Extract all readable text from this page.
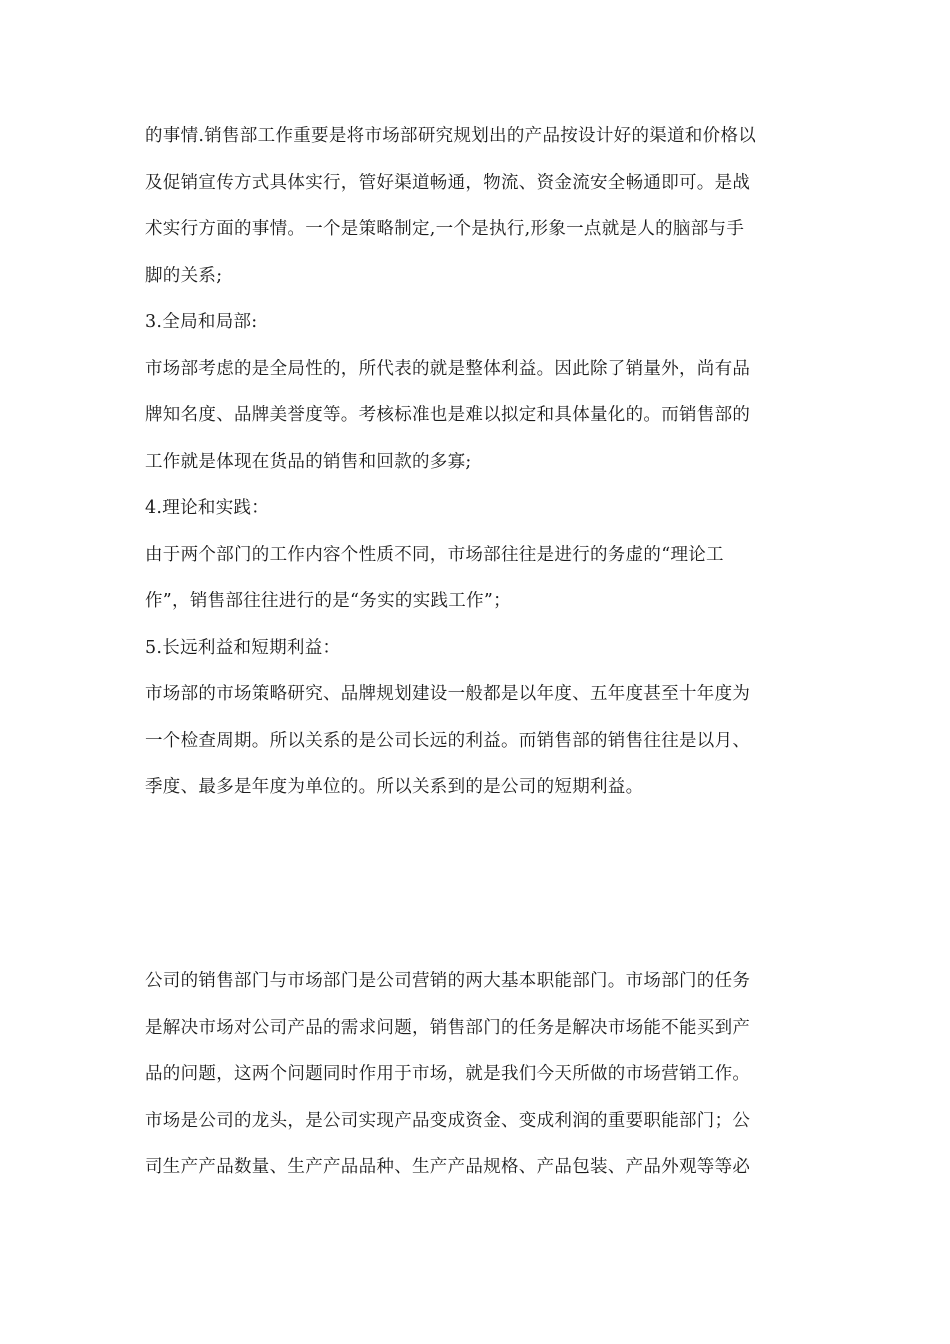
的事情.销售部工作重要是将市场部研究规划出的产品按设计好的渠道和价格以
及促销宣传方式具体实行，管好渠道畅通，物流、资金流安全畅通即可。是战
术实行方面的事情。一个是策略制定,一个是执行,形象一点就是人的脑部与手
脚的关系;
3.全局和局部:
市场部考虑的是全局性的，所代表的就是整体利益。因此除了销量外，尚有品
牌知名度、品牌美誉度等。考核标准也是难以拟定和具体量化的。而销售部的
工作就是体现在货品的销售和回款的多寡;
4.理论和实践：
由于两个部门的工作内容个性质不同，市场部往往是进行的务虚的“理论工
作”，销售部往往进行的是“务实的实践工作”；
5.长远利益和短期利益：
市场部的市场策略研究、品牌规划建设一般都是以年度、五年度甚至十年度为
一个检查周期。所以关系的是公司长远的利益。而销售部的销售往往是以月、
季度、最多是年度为单位的。所以关系到的是公司的短期利益。
公司的销售部门与市场部门是公司营销的两大基本职能部门。市场部门的任务
是解决市场对公司产品的需求问题，销售部门的任务是解决市场能不能买到产
品的问题，这两个问题同时作用于市场，就是我们今天所做的市场营销工作。
市场是公司的龙头，是公司实现产品变成资金、变成利润的重要职能部门；公
司生产产品数量、生产产品品种、生产产品规格、产品包装、产品外观等等必
